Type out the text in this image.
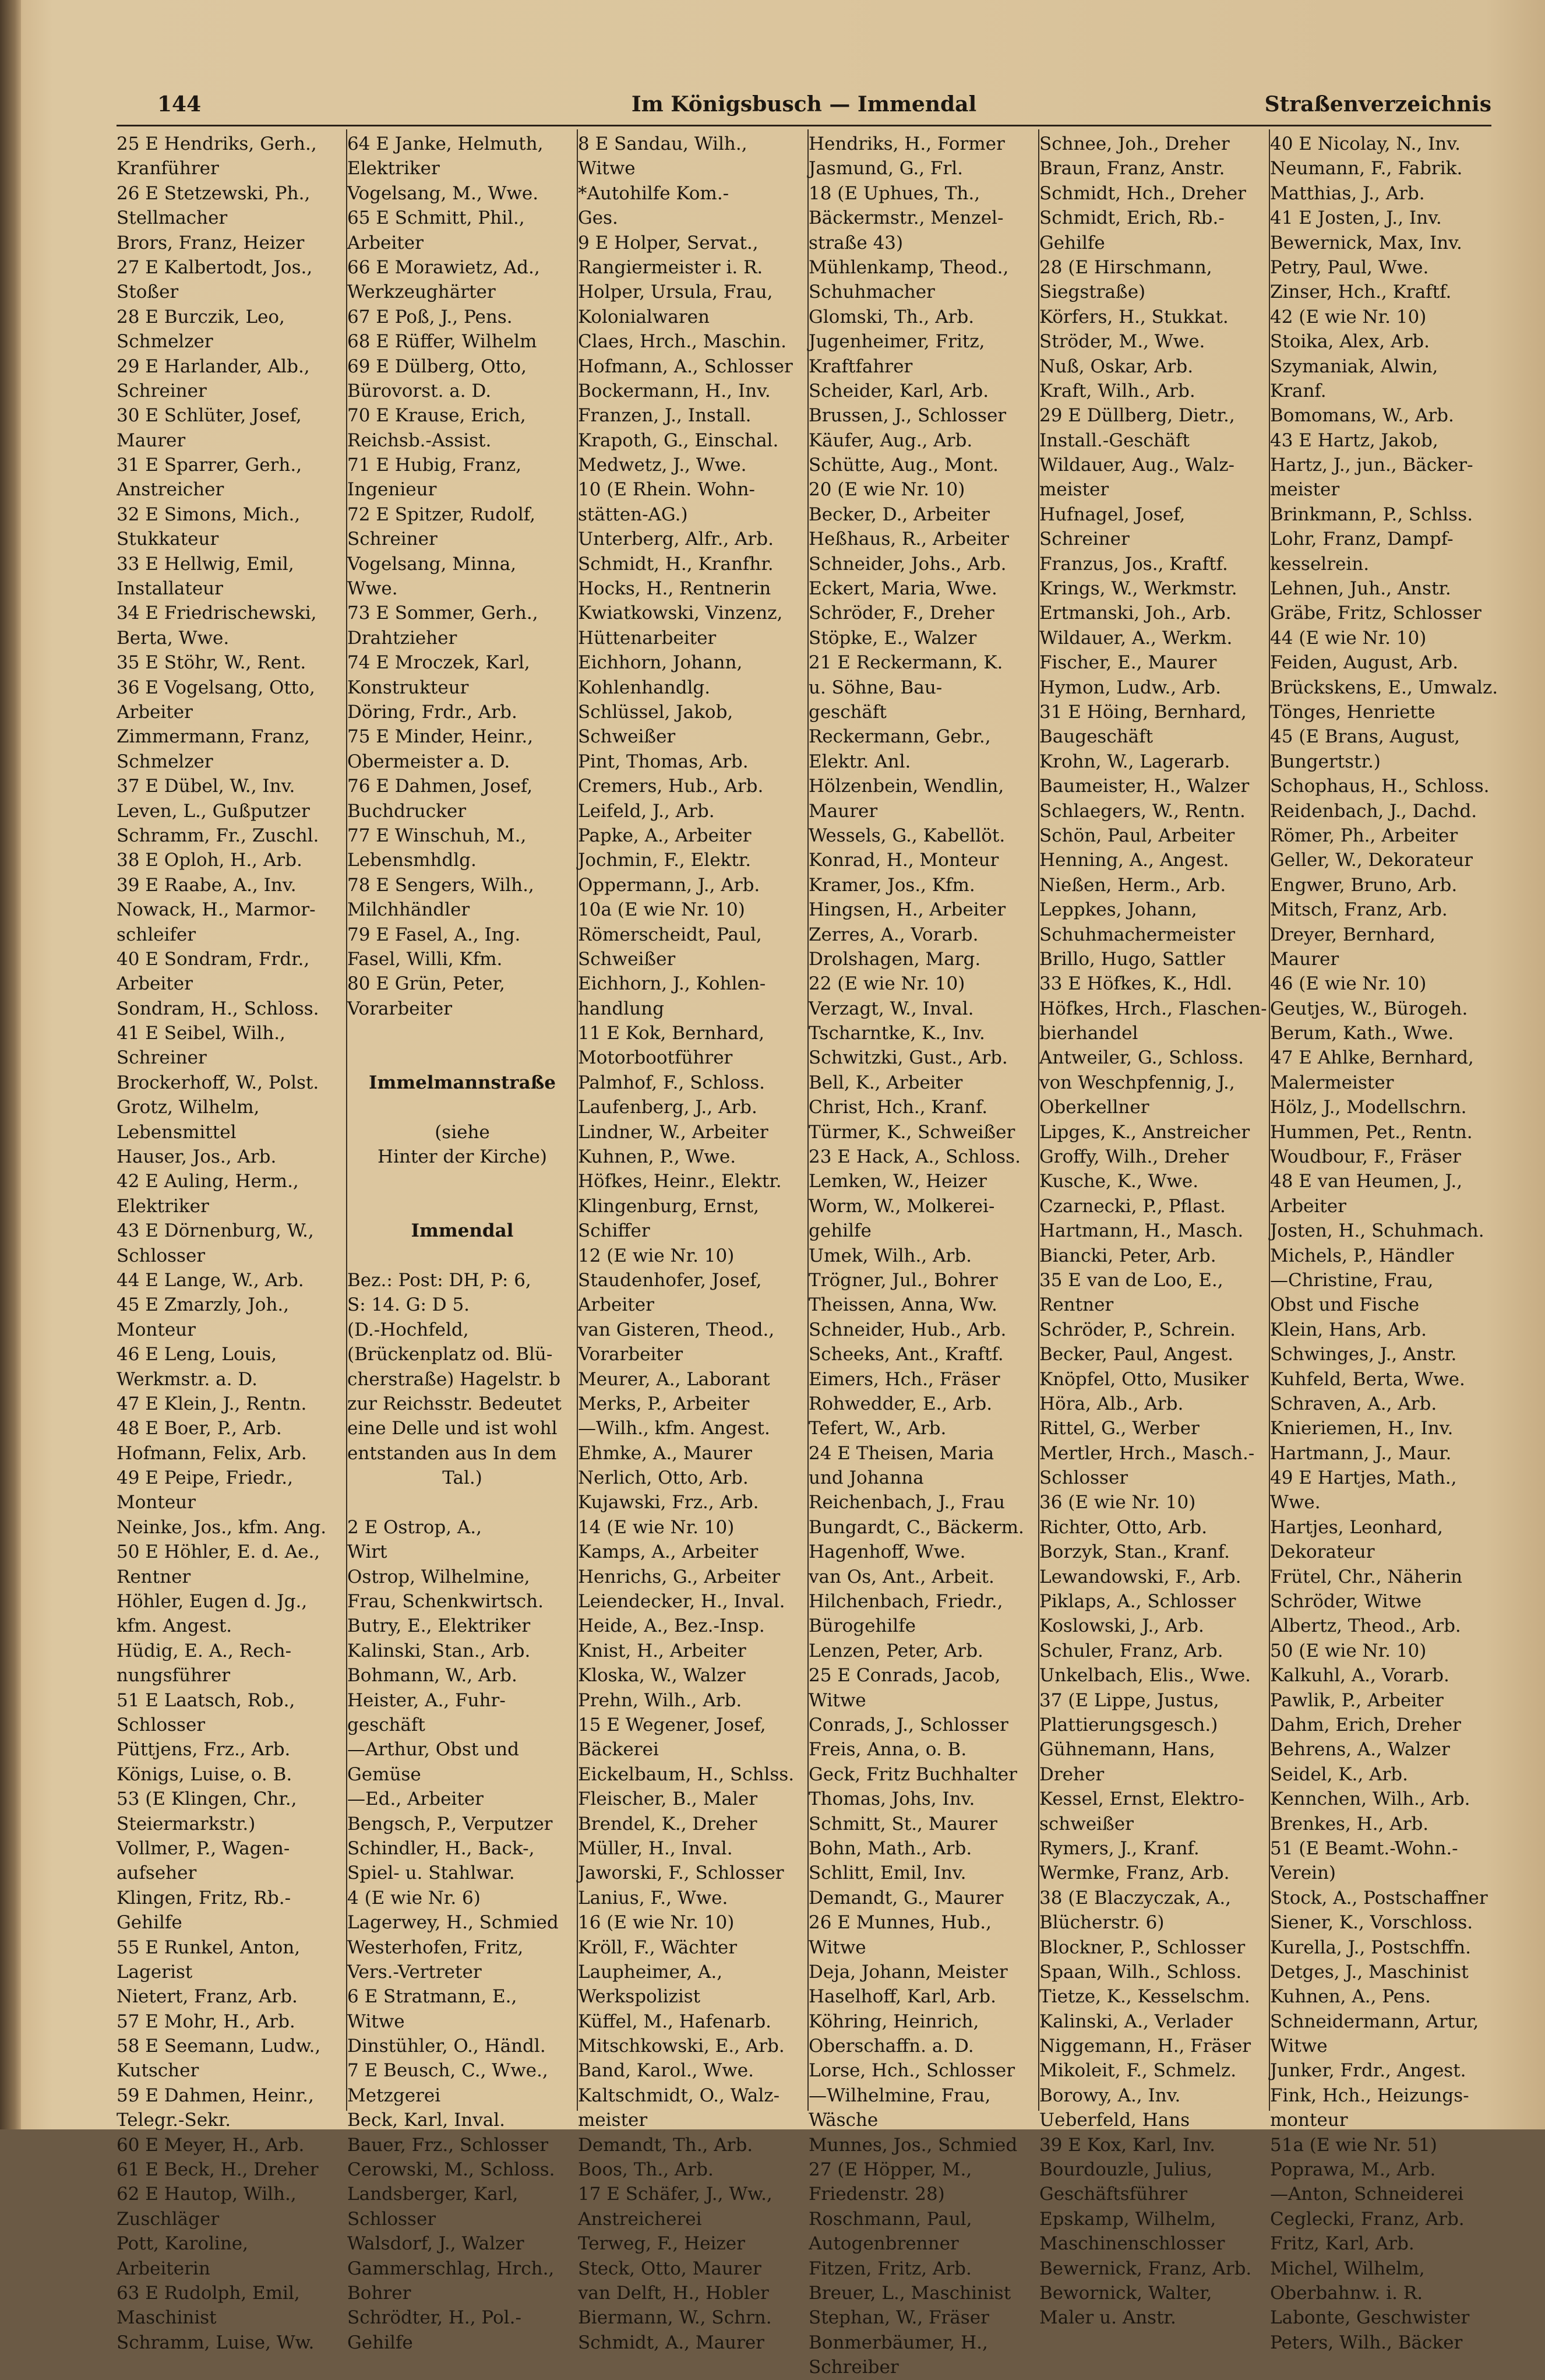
Im Königsbusch — Immendal
144	Straßenverzeichnis
25 E Hendriks, Gerh.,
Kranführer
26 E Stetzewski, Ph.,
Stellmacher
Brors, Franz, Heizer
27 E Kalbertodt, Jos.,
Stoßer
28 E Burczik, Leo,
Schmelzer
29 E Harlander, Alb.,
Schreiner
30 E Schlüter, Josef,
Maurer
31 E Sparrer, Gerh.,
Anstreicher
32 E Simons, Mich.,
Stukkateur
33 E Hellwig, Emil,
Installateur
34 E Friedrischewski,
Berta, Wwe.
35 E Stöhr, W., Rent.
36 E Vogelsang, Otto,
Arbeiter
Zimmermann, Franz,
Schmelzer
37 E Dübel, W., Inv.
Leven, L., Gußputzer
Schramm, Fr., Zuschl.
38 E Oploh, H., Arb.
39 E Raabe, A., Inv.
Nowack, H., Marmor-
schleifer
40 E Sondram, Frdr.,
Arbeiter
Sondram, H., Schloss.
41 E Seibel, Wilh.,
Schreiner
Brockerhoff, W., Polst.
Grotz, Wilhelm,
Lebensmittel
Hauser, Jos., Arb.
42 E Auling, Herm.,
Elektriker
43 E Dörnenburg, W.,
Schlosser
44 E Lange, W., Arb.
45 E Zmarzly, Joh.,
Monteur
46 E Leng, Louis,
Werkmstr. a. D.
47 E Klein, J., Rentn.
48 E Boer, P., Arb.
Hofmann, Felix, Arb.
49 E Peipe, Friedr.,
Monteur
Neinke, Jos., kfm. Ang.
50 E Höhler, E. d. Ae.,
Rentner
Höhler, Eugen d. Jg.,
kfm. Angest.
Hüdig, E. A., Rech-
nungsführer
51 E Laatsch, Rob.,
Schlosser
Püttjens, Frz., Arb.
Königs, Luise, o. B.
53 (E Klingen, Chr.,
Steiermarkstr.)
Vollmer, P., Wagen-
aufseher
Klingen, Fritz, Rb.-
Gehilfe
55 E Runkel, Anton,
Lagerist
Nietert, Franz, Arb.
57 E Mohr, H., Arb.
58 E Seemann, Ludw.,
Kutscher
59 E Dahmen, Heinr.,
Telegr.-Sekr.
60 E Meyer, H., Arb.
61 E Beck, H., Dreher
62 E Hautop, Wilh.,
Zuschläger
Pott, Karoline,
Arbeiterin
63 E Rudolph, Emil,
Maschinist
Schramm, Luise, Ww.
64 E Janke, Helmuth,
Elektriker
Vogelsang, M., Wwe.
65 E Schmitt, Phil.,
Arbeiter
66 E Morawietz, Ad.,
Werkzeughärter
67 E Poß, J., Pens.
68 E Rüffer, Wilhelm
69 E Dülberg, Otto,
Bürovorst. a. D.
70 E Krause, Erich,
Reichsb.-Assist.
71 E Hubig, Franz,
Ingenieur
72 E Spitzer, Rudolf,
Schreiner
Vogelsang, Minna,
Wwe.
73 E Sommer, Gerh.,
Drahtzieher
74 E Mroczek, Karl,
Konstrukteur
Döring, Frdr., Arb.
75 E Minder, Heinr.,
Obermeister a. D.
76 E Dahmen, Josef,
Buchdrucker
77 E Winschuh, M.,
Lebensmhdlg.
78 E Sengers, Wilh.,
Milchhändler
79 E Fasel, A., Ing.
Fasel, Willi, Kfm.
80 E Grün, Peter,
Vorarbeiter

Immelmannstraße

(siehe
Hinter der Kirche)

Immendal

Bez.: Post: DH, P: 6,
S: 14. G: D 5.
(D.-Hochfeld,
(Brückenplatz od. Blü-
cherstraße) Hagelstr. b
zur Reichsstr. Bedeutet
eine Delle und ist wohl
entstanden aus In dem
Tal.)

2 E Ostrop, A.,
Wirt
Ostrop, Wilhelmine,
Frau, Schenkwirtsch.
Butry, E., Elektriker
Kalinski, Stan., Arb.
Bohmann, W., Arb.
Heister, A., Fuhr-
geschäft
—Arthur, Obst und
Gemüse
—Ed., Arbeiter
Bengsch, P., Verputzer
Schindler, H., Back-,
Spiel- u. Stahlwar.
4 (E wie Nr. 6)
Lagerwey, H., Schmied
Westerhofen, Fritz,
Vers.-Vertreter
6 E Stratmann, E.,
Witwe
Dinstühler, O., Händl.
7 E Beusch, C., Wwe.,
Metzgerei
Beck, Karl, Inval.
Bauer, Frz., Schlosser
Cerowski, M., Schloss.
Landsberger, Karl,
Schlosser
Walsdorf, J., Walzer
Gammerschlag, Hrch.,
Bohrer
Schrödter, H., Pol.-
Gehilfe
8 E Sandau, Wilh.,
Witwe
*Autohilfe Kom.-
Ges.
9 E Holper, Servat.,
Rangiermeister i. R.
Holper, Ursula, Frau,
Kolonialwaren
Claes, Hrch., Maschin.
Hofmann, A., Schlosser
Bockermann, H., Inv.
Franzen, J., Install.
Krapoth, G., Einschal.
Medwetz, J., Wwe.
10 (E Rhein. Wohn-
stätten-AG.)
Unterberg, Alfr., Arb.
Schmidt, H., Kranfhr.
Hocks, H., Rentnerin
Kwiatkowski, Vinzenz,
Hüttenarbeiter
Eichhorn, Johann,
Kohlenhandlg.
Schlüssel, Jakob,
Schweißer
Pint, Thomas, Arb.
Cremers, Hub., Arb.
Leifeld, J., Arb.
Papke, A., Arbeiter
Jochmin, F., Elektr.
Oppermann, J., Arb.
10a (E wie Nr. 10)
Römerscheidt, Paul,
Schweißer
Eichhorn, J., Kohlen-
handlung
11 E Kok, Bernhard,
Motorbootführer
Palmhof, F., Schloss.
Laufenberg, J., Arb.
Lindner, W., Arbeiter
Kuhnen, P., Wwe.
Höfkes, Heinr., Elektr.
Klingenburg, Ernst,
Schiffer
12 (E wie Nr. 10)
Staudenhofer, Josef,
Arbeiter
van Gisteren, Theod.,
Vorarbeiter
Meurer, A., Laborant
Merks, P., Arbeiter
—Wilh., kfm. Angest.
Ehmke, A., Maurer
Nerlich, Otto, Arb.
Kujawski, Frz., Arb.
14 (E wie Nr. 10)
Kamps, A., Arbeiter
Henrichs, G., Arbeiter
Leiendecker, H., Inval.
Heide, A., Bez.-Insp.
Knist, H., Arbeiter
Kloska, W., Walzer
Prehn, Wilh., Arb.
15 E Wegener, Josef,
Bäckerei
Eickelbaum, H., Schlss.
Fleischer, B., Maler
Brendel, K., Dreher
Müller, H., Inval.
Jaworski, F., Schlosser
Lanius, F., Wwe.
16 (E wie Nr. 10)
Kröll, F., Wächter
Laupheimer, A.,
Werkspolizist
Küffel, M., Hafenarb.
Mitschkowski, E., Arb.
Band, Karol., Wwe.
Kaltschmidt, O., Walz-
meister
Demandt, Th., Arb.
Boos, Th., Arb.
17 E Schäfer, J., Ww.,
Anstreicherei
Terweg, F., Heizer
Steck, Otto, Maurer
van Delft, H., Hobler
Biermann, W., Schrn.
Schmidt, A., Maurer
Hendriks, H., Former
Jasmund, G., Frl.
18 (E Uphues, Th.,
Bäckermstr., Menzel-
straße 43)
Mühlenkamp, Theod.,
Schuhmacher
Glomski, Th., Arb.
Jugenheimer, Fritz,
Kraftfahrer
Scheider, Karl, Arb.
Brussen, J., Schlosser
Käufer, Aug., Arb.
Schütte, Aug., Mont.
20 (E wie Nr. 10)
Becker, D., Arbeiter
Heßhaus, R., Arbeiter
Schneider, Johs., Arb.
Eckert, Maria, Wwe.
Schröder, F., Dreher
Stöpke, E., Walzer
21 E Reckermann, K.
u. Söhne, Bau-
geschäft
Reckermann, Gebr.,
Elektr. Anl.
Hölzenbein, Wendlin,
Maurer
Wessels, G., Kabellöt.
Konrad, H., Monteur
Kramer, Jos., Kfm.
Hingsen, H., Arbeiter
Zerres, A., Vorarb.
Drolshagen, Marg.
22 (E wie Nr. 10)
Verzagt, W., Inval.
Tscharntke, K., Inv.
Schwitzki, Gust., Arb.
Bell, K., Arbeiter
Christ, Hch., Kranf.
Türmer, K., Schweißer
23 E Hack, A., Schloss.
Lemken, W., Heizer
Worm, W., Molkerei-
gehilfe
Umek, Wilh., Arb.
Trögner, Jul., Bohrer
Theissen, Anna, Ww.
Schneider, Hub., Arb.
Scheeks, Ant., Kraftf.
Eimers, Hch., Fräser
Rohwedder, E., Arb.
Tefert, W., Arb.
24 E Theisen, Maria
und Johanna
Reichenbach, J., Frau
Bungardt, C., Bäckerm.
Hagenhoff, Wwe.
van Os, Ant., Arbeit.
Hilchenbach, Friedr.,
Bürogehilfe
Lenzen, Peter, Arb.
25 E Conrads, Jacob,
Witwe
Conrads, J., Schlosser
Freis, Anna, o. B.
Geck, Fritz Buchhalter
Thomas, Johs, Inv.
Schmitt, St., Maurer
Bohn, Math., Arb.
Schlitt, Emil, Inv.
Demandt, G., Maurer
26 E Munnes, Hub.,
Witwe
Deja, Johann, Meister
Haselhoff, Karl, Arb.
Köhring, Heinrich,
Oberschaffn. a. D.
Lorse, Hch., Schlosser
—Wilhelmine, Frau,
Wäsche
Munnes, Jos., Schmied
27 (E Höpper, M.,
Friedenstr. 28)
Roschmann, Paul,
Autogenbrenner
Fitzen, Fritz, Arb.
Breuer, L., Maschinist
Stephan, W., Fräser
Bonmerbäumer, H.,
Schreiber
Schnee, Joh., Dreher
Braun, Franz, Anstr.
Schmidt, Hch., Dreher
Schmidt, Erich, Rb.-
Gehilfe
28 (E Hirschmann,
Siegstraße)
Körfers, H., Stukkat.
Ströder, M., Wwe.
Nuß, Oskar, Arb.
Kraft, Wilh., Arb.
29 E Düllberg, Dietr.,
Install.-Geschäft
Wildauer, Aug., Walz-
meister
Hufnagel, Josef,
Schreiner
Franzus, Jos., Kraftf.
Krings, W., Werkmstr.
Ertmanski, Joh., Arb.
Wildauer, A., Werkm.
Fischer, E., Maurer
Hymon, Ludw., Arb.
31 E Höing, Bernhard,
Baugeschäft
Krohn, W., Lagerarb.
Baumeister, H., Walzer
Schlaegers, W., Rentn.
Schön, Paul, Arbeiter
Henning, A., Angest.
Nießen, Herm., Arb.
Leppkes, Johann,
Schuhmachermeister
Brillo, Hugo, Sattler
33 E Höfkes, K., Hdl.
Höfkes, Hrch., Flaschen-
bierhandel
Antweiler, G., Schloss.
von Weschpfennig, J.,
Oberkellner
Lipges, K., Anstreicher
Groffy, Wilh., Dreher
Kusche, K., Wwe.
Czarnecki, P., Pflast.
Hartmann, H., Masch.
Biancki, Peter, Arb.
35 E van de Loo, E.,
Rentner
Schröder, P., Schrein.
Becker, Paul, Angest.
Knöpfel, Otto, Musiker
Höra, Alb., Arb.
Rittel, G., Werber
Mertler, Hrch., Masch.-
Schlosser
36 (E wie Nr. 10)
Richter, Otto, Arb.
Borzyk, Stan., Kranf.
Lewandowski, F., Arb.
Piklaps, A., Schlosser
Koslowski, J., Arb.
Schuler, Franz, Arb.
Unkelbach, Elis., Wwe.
37 (E Lippe, Justus,
Plattierungsgesch.)
Gühnemann, Hans,
Dreher
Kessel, Ernst, Elektro-
schweißer
Rymers, J., Kranf.
Wermke, Franz, Arb.
38 (E Blaczyczak, A.,
Blücherstr. 6)
Blockner, P., Schlosser
Spaan, Wilh., Schloss.
Tietze, K., Kesselschm.
Kalinski, A., Verlader
Niggemann, H., Fräser
Mikoleit, F., Schmelz.
Borowy, A., Inv.
Ueberfeld, Hans
39 E Kox, Karl, Inv.
Bourdouzle, Julius,
Geschäftsführer
Epskamp, Wilhelm,
Maschinenschlosser
Bewernick, Franz, Arb.
Bewornick, Walter,
Maler u. Anstr.
40 E Nicolay, N., Inv.
Neumann, F., Fabrik.
Matthias, J., Arb.
41 E Josten, J., Inv.
Bewernick, Max, Inv.
Petry, Paul, Wwe.
Zinser, Hch., Kraftf.
42 (E wie Nr. 10)
Stoika, Alex, Arb.
Szymaniak, Alwin,
Kranf.
Bomomans, W., Arb.
43 E Hartz, Jakob,
Hartz, J., jun., Bäcker-
meister
Brinkmann, P., Schlss.
Lohr, Franz, Dampf-
kesselrein.
Lehnen, Juh., Anstr.
Gräbe, Fritz, Schlosser
44 (E wie Nr. 10)
Feiden, August, Arb.
Brückskens, E., Umwalz.
Tönges, Henriette
45 (E Brans, August,
Bungertstr.)
Schophaus, H., Schloss.
Reidenbach, J., Dachd.
Römer, Ph., Arbeiter
Geller, W., Dekorateur
Engwer, Bruno, Arb.
Mitsch, Franz, Arb.
Dreyer, Bernhard,
Maurer
46 (E wie Nr. 10)
Geutjes, W., Bürogeh.
Berum, Kath., Wwe.
47 E Ahlke, Bernhard,
Malermeister
Hölz, J., Modellschrn.
Hummen, Pet., Rentn.
Woudbour, F., Fräser
48 E van Heumen, J.,
Arbeiter
Josten, H., Schuhmach.
Michels, P., Händler
—Christine, Frau,
Obst und Fische
Klein, Hans, Arb.
Schwinges, J., Anstr.
Kuhfeld, Berta, Wwe.
Schraven, A., Arb.
Knieriemen, H., Inv.
Hartmann, J., Maur.
49 E Hartjes, Math.,
Wwe.
Hartjes, Leonhard,
Dekorateur
Frütel, Chr., Näherin
Schröder, Witwe
Albertz, Theod., Arb.
50 (E wie Nr. 10)
Kalkuhl, A., Vorarb.
Pawlik, P., Arbeiter
Dahm, Erich, Dreher
Behrens, A., Walzer
Seidel, K., Arb.
Kennchen, Wilh., Arb.
Brenkes, H., Arb.
51 (E Beamt.-Wohn.-
Verein)
Stock, A., Postschaffner
Siener, K., Vorschloss.
Kurella, J., Postschffn.
Detges, J., Maschinist
Kuhnen, A., Pens.
Schneidermann, Artur,
Witwe
Junker, Frdr., Angest.
Fink, Hch., Heizungs-
monteur
51a (E wie Nr. 51)
Poprawa, M., Arb.
—Anton, Schneiderei
Ceglecki, Franz, Arb.
Fritz, Karl, Arb.
Michel, Wilhelm,
Oberbahnw. i. R.
Labonte, Geschwister
Peters, Wilh., Bäcker
